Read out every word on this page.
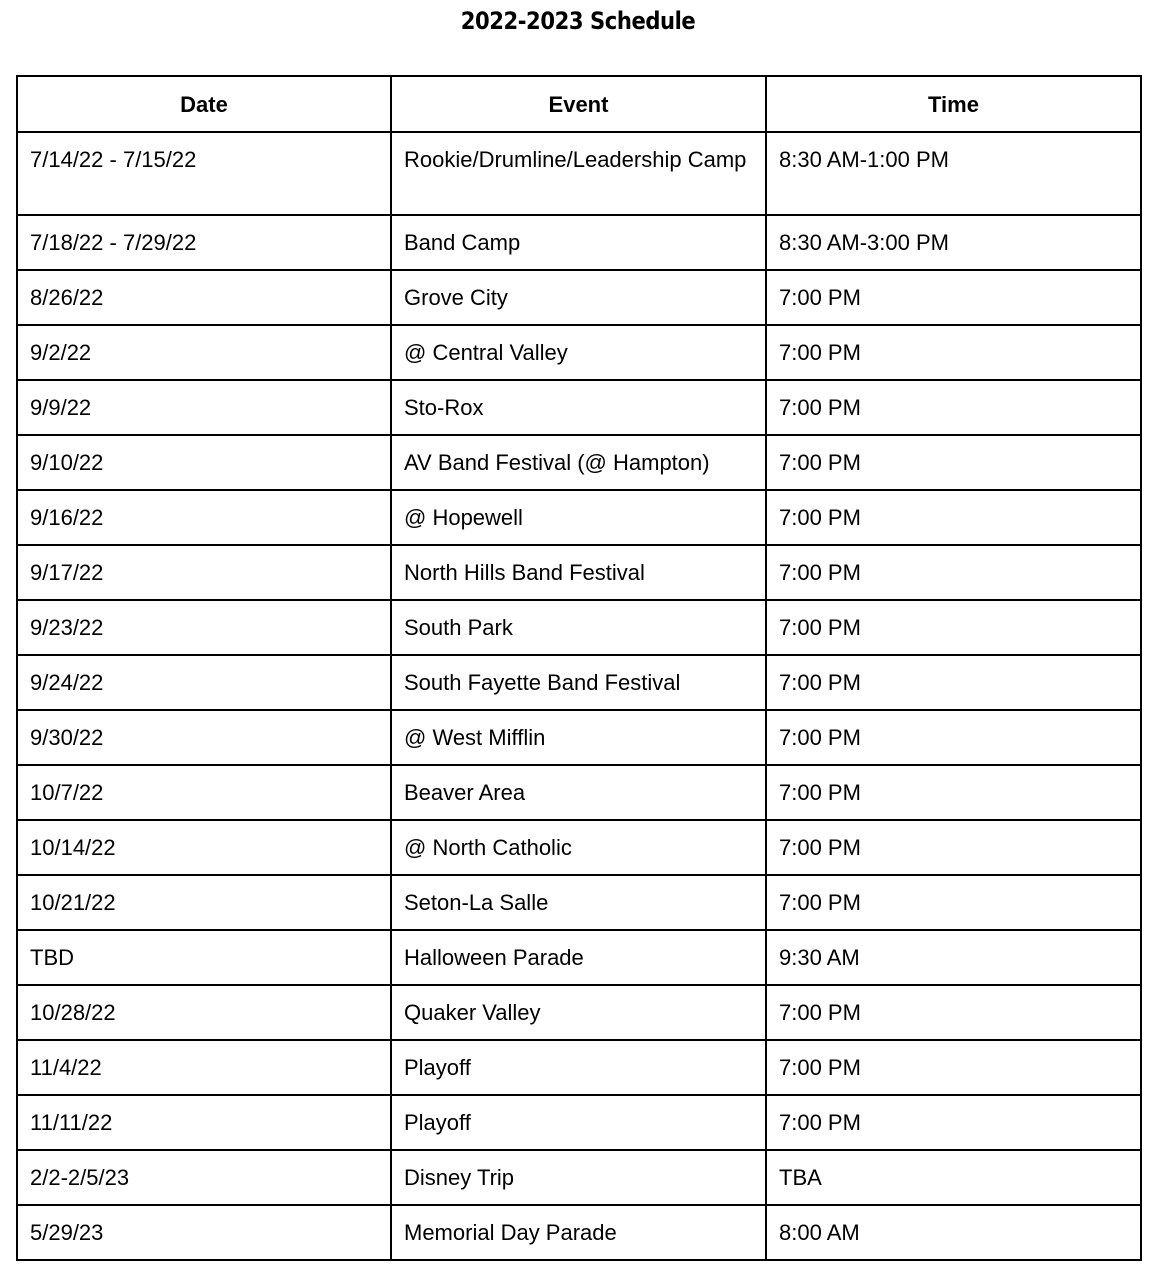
2022-2023 Schedule
Date	Event	Time
7/14/22 - 7/15/22	Rookie/Drumline/Leadership Camp	8:30 AM-1:00 PM
7/18/22 - 7/29/22	Band Camp	8:30 AM-3:00 PM
8/26/22	Grove City	7:00 PM
9/2/22	@ Central Valley	7:00 PM
9/9/22	Sto-Rox	7:00 PM
9/10/22	AV Band Festival (@ Hampton)	7:00 PM
9/16/22	@ Hopewell	7:00 PM
9/17/22	North Hills Band Festival	7:00 PM
9/23/22	South Park	7:00 PM
9/24/22	South Fayette Band Festival	7:00 PM
9/30/22	@ West Mifflin	7:00 PM
10/7/22	Beaver Area	7:00 PM
10/14/22	@ North Catholic	7:00 PM
10/21/22	Seton-La Salle	7:00 PM
TBD	Halloween Parade	9:30 AM
10/28/22	Quaker Valley	7:00 PM
11/4/22	Playoff	7:00 PM
11/11/22	Playoff	7:00 PM
2/2-2/5/23	Disney Trip	TBA
5/29/23	Memorial Day Parade	8:00 AM
